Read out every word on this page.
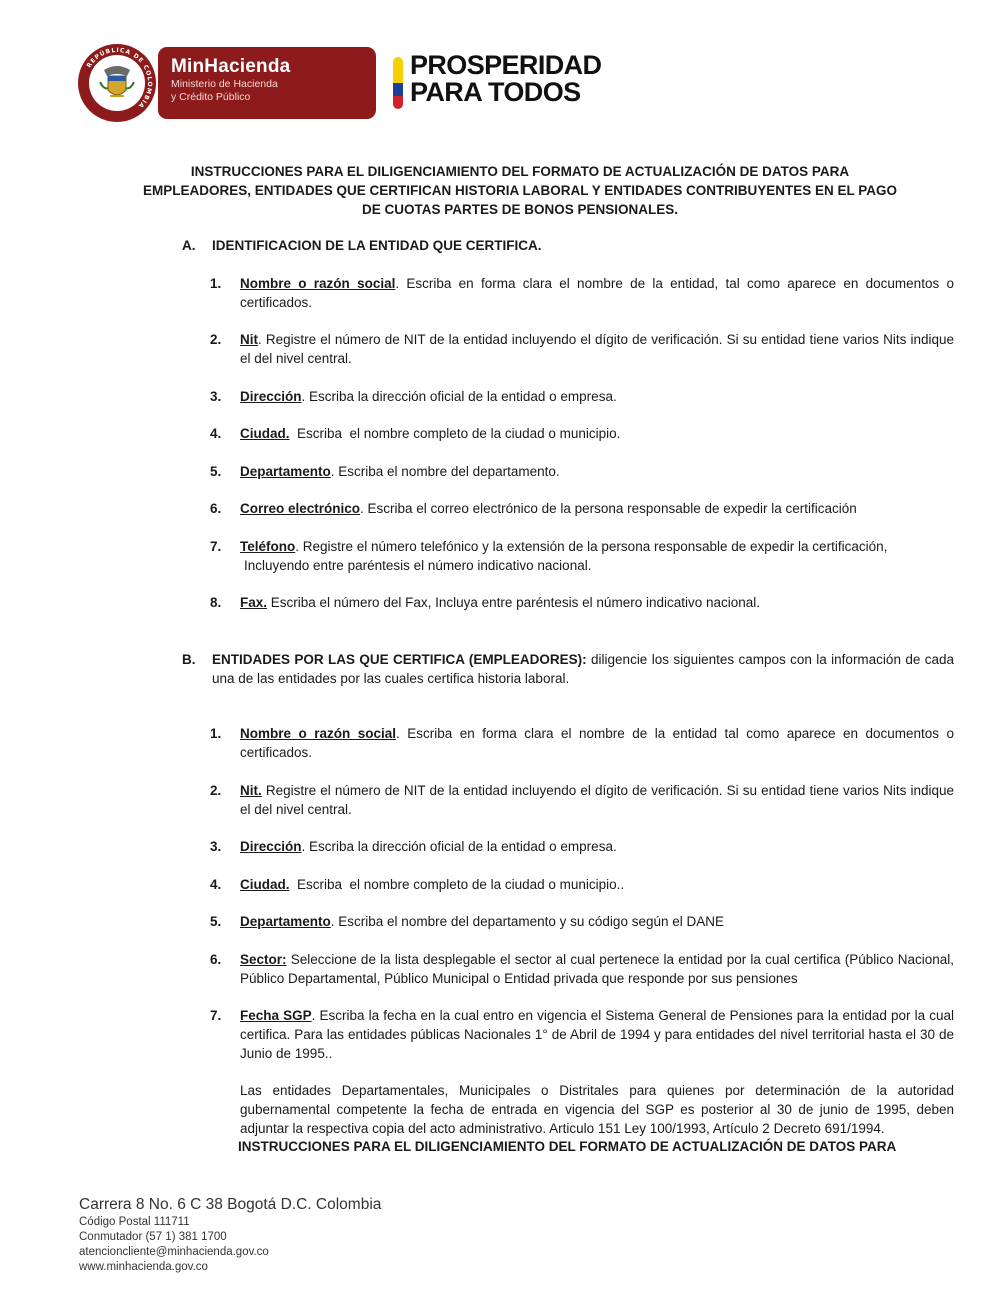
REPÚBLICA DE COLOMBIA
MinHacienda
Ministerio de Hacienda
y Crédito Público
PROSPERIDAD
PARA TODOS
INSTRUCCIONES PARA EL DILIGENCIAMIENTO DEL FORMATO DE ACTUALIZACIÓN DE DATOS PARA
EMPLEADORES, ENTIDADES QUE CERTIFICAN HISTORIA LABORAL Y ENTIDADES CONTRIBUYENTES EN EL PAGO
DE CUOTAS PARTES DE BONOS PENSIONALES.
A.	IDENTIFICACION DE LA ENTIDAD QUE CERTIFICA.
1.	Nombre o razón social. Escriba en forma clara el nombre de la entidad, tal como aparece en documentos o certificados.
2.	Nit. Registre el número de NIT de la entidad incluyendo el dígito de verificación. Si su entidad tiene varios Nits indique el del nivel central.
3.	Dirección. Escriba la dirección oficial de la entidad o empresa.
4.	Ciudad.  Escriba  el nombre completo de la ciudad o municipio.
5.	Departamento. Escriba el nombre del departamento.
6.	Correo electrónico. Escriba el correo electrónico de la persona responsable de expedir la certificación
7.	Teléfono. Registre el número telefónico y la extensión de la persona responsable de expedir la certificación,
Incluyendo entre paréntesis el número indicativo nacional.
8.	Fax. Escriba el número del Fax, Incluya entre paréntesis el número indicativo nacional.
B.	ENTIDADES POR LAS QUE CERTIFICA (EMPLEADORES): diligencie los siguientes campos con la información de cada una de las entidades por las cuales certifica historia laboral.
1.	Nombre o razón social. Escriba en forma clara el nombre de la entidad tal como aparece en documentos o certificados.
2.	Nit. Registre el número de NIT de la entidad incluyendo el dígito de verificación. Si su entidad tiene varios Nits indique el del nivel central.
3.	Dirección. Escriba la dirección oficial de la entidad o empresa.
4.	Ciudad.  Escriba  el nombre completo de la ciudad o municipio..
5.	Departamento. Escriba el nombre del departamento y su código según el DANE
6.	Sector: Seleccione de la lista desplegable el sector al cual pertenece la entidad por la cual certifica (Público Nacional, Público Departamental, Público Municipal o Entidad privada que responde por sus pensiones
7.	Fecha SGP. Escriba la fecha en la cual entro en vigencia el Sistema General de Pensiones para la entidad por la cual certifica. Para las entidades públicas Nacionales 1° de Abril de 1994 y para entidades del nivel territorial hasta el 30 de Junio de 1995..
Las entidades Departamentales, Municipales o Distritales para quienes por determinación de la autoridad gubernamental competente la fecha de entrada en vigencia del SGP es posterior al 30 de junio de 1995, deben adjuntar la respectiva copia del acto administrativo. Articulo 151 Ley 100/1993, Artículo 2 Decreto 691/1994.
INSTRUCCIONES PARA EL DILIGENCIAMIENTO DEL FORMATO DE ACTUALIZACIÓN DE DATOS PARA
Carrera 8 No. 6 C 38 Bogotá D.C. Colombia
Código Postal 111711
Conmutador (57 1) 381 1700
atencioncliente@minhacienda.gov.co
www.minhacienda.gov.co
